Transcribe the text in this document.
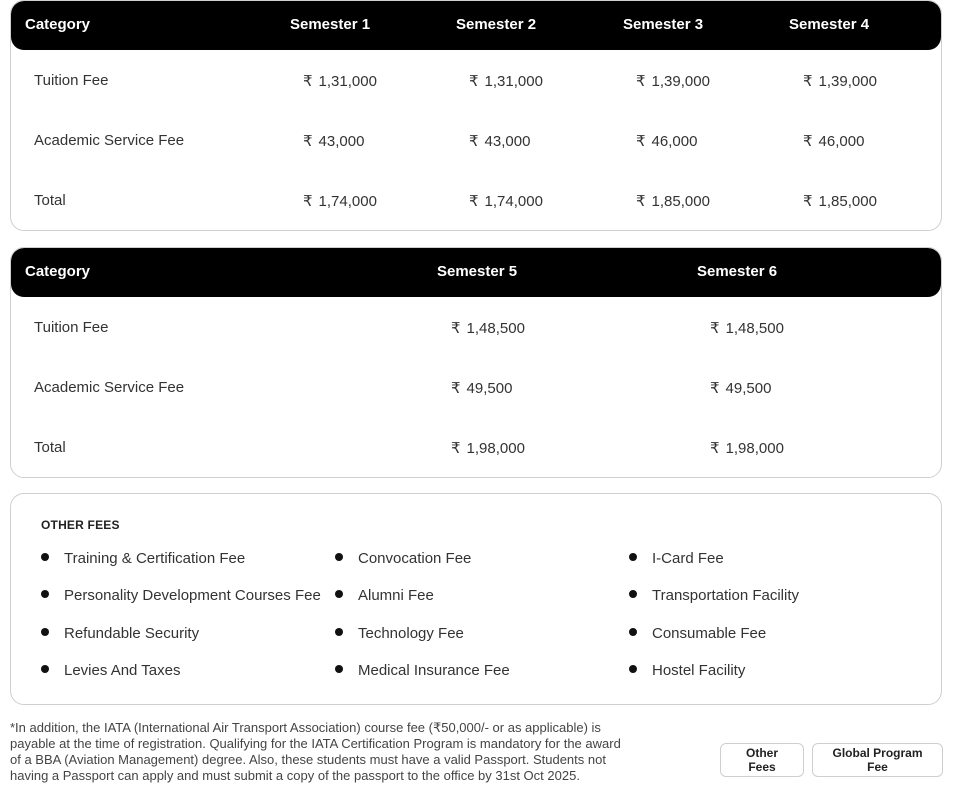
Category	Semester 1	Semester 2	Semester 3	Semester 4
Tuition Fee	₹ 1,31,000	₹ 1,31,000	₹ 1,39,000	₹ 1,39,000
Academic Service Fee	₹ 43,000	₹ 43,000	₹ 46,000	₹ 46,000
Total	₹ 1,74,000	₹ 1,74,000	₹ 1,85,000	₹ 1,85,000
Category	Semester 5	Semester 6
Tuition Fee	₹ 1,48,500	₹ 1,48,500
Academic Service Fee	₹ 49,500	₹ 49,500
Total	₹ 1,98,000	₹ 1,98,000
OTHER FEES
Training & Certification Fee
Personality Development Courses Fee
Refundable Security
Levies And Taxes
Convocation Fee
Alumni Fee
Technology Fee
Medical Insurance Fee
I-Card Fee
Transportation Facility
Consumable Fee
Hostel Facility
*In addition, the IATA (International Air Transport Association) course fee (₹50,000/- or as applicable) is payable at the time of registration. Qualifying for the IATA Certification Program is mandatory for the award of a BBA (Aviation Management) degree. Also, these students must have a valid Passport. Students not having a Passport can apply and must submit a copy of the passport to the office by 31st Oct 2025.
Other Fees
Global Program Fee
